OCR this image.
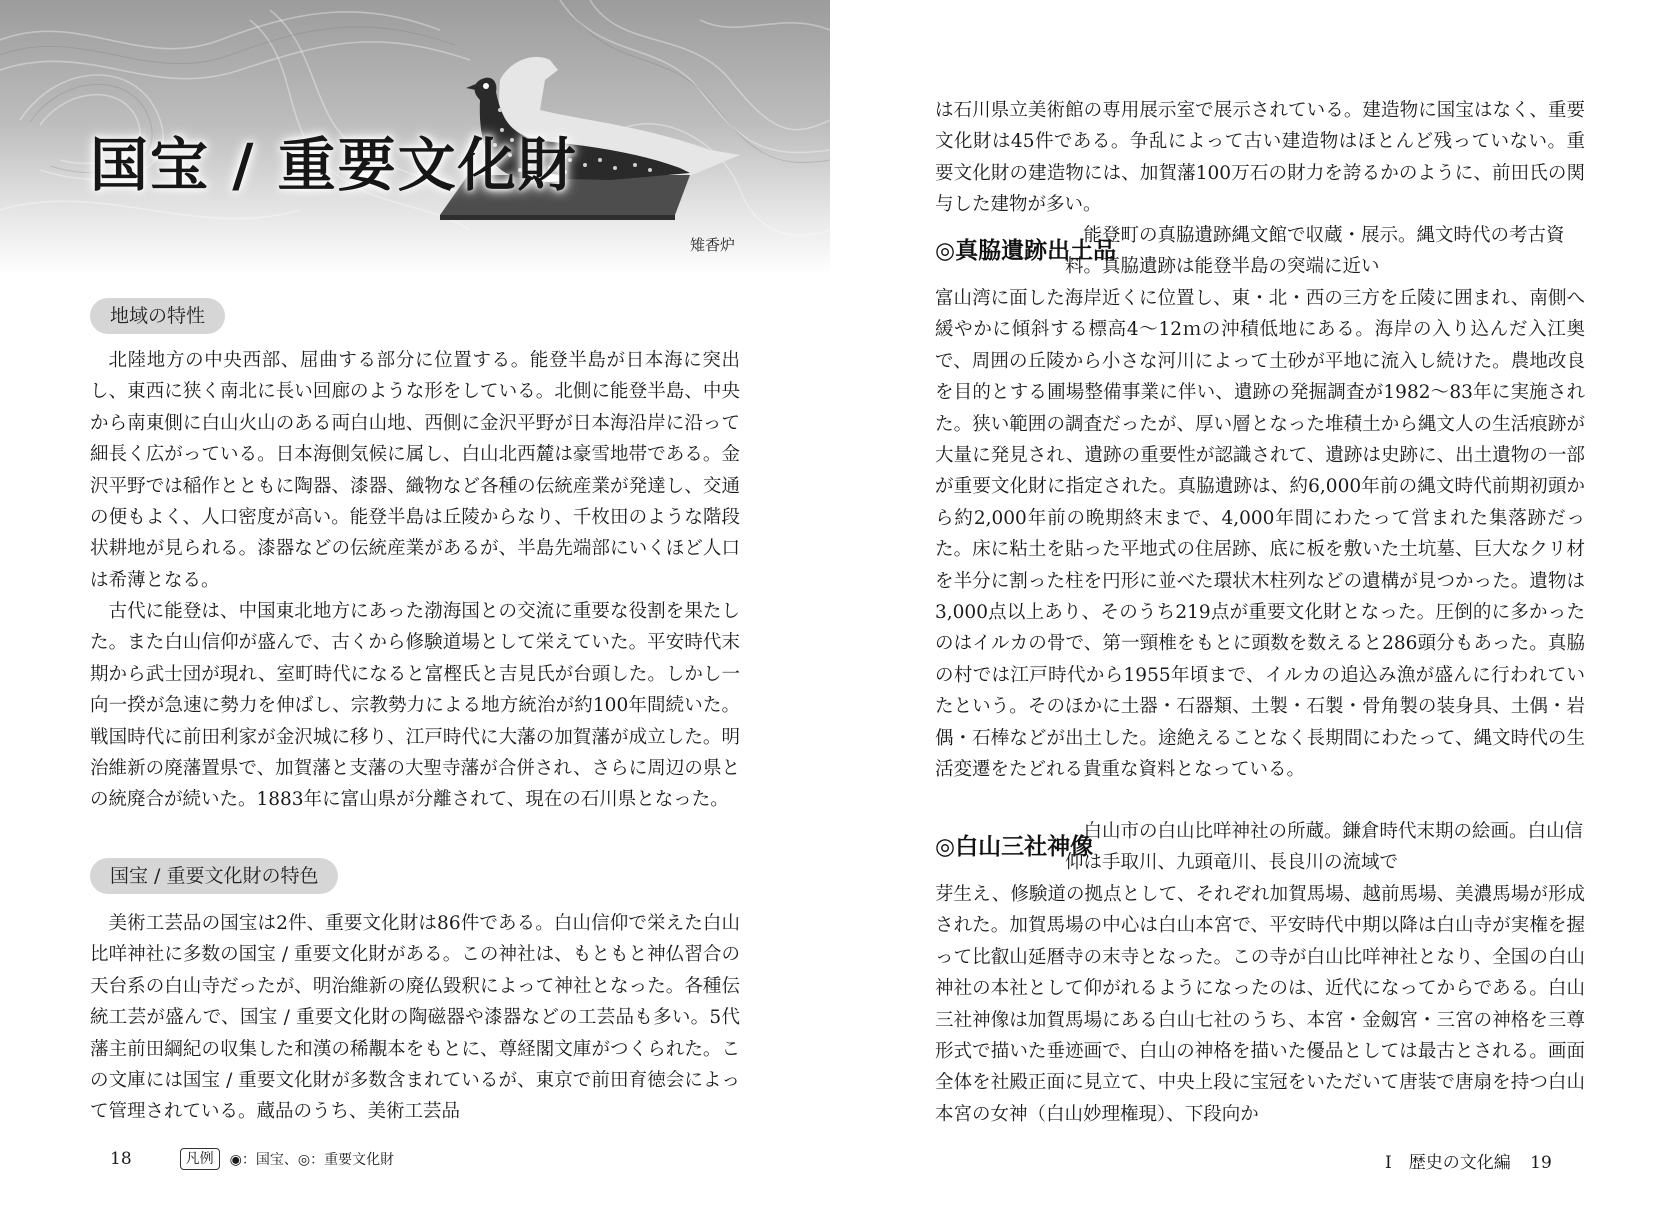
国宝 / 重要文化財
雉香炉
地域の特性

北陸地方の中央西部、屈曲する部分に位置する。能登半島が日本海に突出し、東西に狭く南北に長い回廊のような形をしている。北側に能登半島、中央から南東側に白山火山のある両白山地、西側に金沢平野が日本海沿岸に沿って細長く広がっている。日本海側気候に属し、白山北西麓は豪雪地帯である。金沢平野では稲作とともに陶器、漆器、織物など各種の伝統産業が発達し、交通の便もよく、人口密度が高い。能登半島は丘陵からなり、千枚田のような階段状耕地が見られる。漆器などの伝統産業があるが、半島先端部にいくほど人口は希薄となる。

古代に能登は、中国東北地方にあった渤海国との交流に重要な役割を果たした。また白山信仰が盛んで、古くから修験道場として栄えていた。平安時代末期から武士団が現れ、室町時代になると富樫氏と吉見氏が台頭した。しかし一向一揆が急速に勢力を伸ばし、宗教勢力による地方統治が約100年間続いた。戦国時代に前田利家が金沢城に移り、江戸時代に大藩の加賀藩が成立した。明治維新の廃藩置県で、加賀藩と支藩の大聖寺藩が合併され、さらに周辺の県との統廃合が続いた。1883年に富山県が分離されて、現在の石川県となった。

国宝 / 重要文化財の特色

美術工芸品の国宝は2件、重要文化財は86件である。白山信仰で栄えた白山比咩神社に多数の国宝 / 重要文化財がある。この神社は、もともと神仏習合の天台系の白山寺だったが、明治維新の廃仏毀釈によって神社となった。各種伝統工芸が盛んで、国宝 / 重要文化財の陶磁器や漆器などの工芸品も多い。5代藩主前田綱紀の収集した和漢の稀覯本をもとに、尊経閣文庫がつくられた。この文庫には国宝 / 重要文化財が多数含まれているが、東京で前田育徳会によって管理されている。蔵品のうち、美術工芸品

18	凡例	◉：国宝、◎：重要文化財

は石川県立美術館の専用展示室で展示されている。建造物に国宝はなく、重要文化財は45件である。争乱によって古い建造物はほとんど残っていない。重要文化財の建造物には、加賀藩100万石の財力を誇るかのように、前田氏の関与した建物が多い。

◎真脇遺跡出土品

能登町の真脇遺跡縄文館で収蔵・展示。縄文時代の考古資料。真脇遺跡は能登半島の突端に近い

富山湾に面した海岸近くに位置し、東・北・西の三方を丘陵に囲まれ、南側へ緩やかに傾斜する標高4～12ｍの沖積低地にある。海岸の入り込んだ入江奥で、周囲の丘陵から小さな河川によって土砂が平地に流入し続けた。農地改良を目的とする圃場整備事業に伴い、遺跡の発掘調査が1982～83年に実施された。狭い範囲の調査だったが、厚い層となった堆積土から縄文人の生活痕跡が大量に発見され、遺跡の重要性が認識されて、遺跡は史跡に、出土遺物の一部が重要文化財に指定された。真脇遺跡は、約6,000年前の縄文時代前期初頭から約2,000年前の晩期終末まで、4,000年間にわたって営まれた集落跡だった。床に粘土を貼った平地式の住居跡、底に板を敷いた土坑墓、巨大なクリ材を半分に割った柱を円形に並べた環状木柱列などの遺構が見つかった。遺物は3,000点以上あり、そのうち219点が重要文化財となった。圧倒的に多かったのはイルカの骨で、第一頸椎をもとに頭数を数えると286頭分もあった。真脇の村では江戸時代から1955年頃まで、イルカの追込み漁が盛んに行われていたという。そのほかに土器・石器類、土製・石製・骨角製の装身具、土偶・岩偶・石棒などが出土した。途絶えることなく長期間にわたって、縄文時代の生活変遷をたどれる貴重な資料となっている。

◎白山三社神像

白山市の白山比咩神社の所蔵。鎌倉時代末期の絵画。白山信仰は手取川、九頭竜川、長良川の流域で

芽生え、修験道の拠点として、それぞれ加賀馬場、越前馬場、美濃馬場が形成された。加賀馬場の中心は白山本宮で、平安時代中期以降は白山寺が実権を握って比叡山延暦寺の末寺となった。この寺が白山比咩神社となり、全国の白山神社の本社として仰がれるようになったのは、近代になってからである。白山三社神像は加賀馬場にある白山七社のうち、本宮・金劔宮・三宮の神格を三尊形式で描いた垂迹画で、白山の神格を描いた優品としては最古とされる。画面全体を社殿正面に見立て、中央上段に宝冠をいただいて唐装で唐扇を持つ白山本宮の女神（白山妙理権現）、下段向か

Ⅰ　歴史の文化編 19
